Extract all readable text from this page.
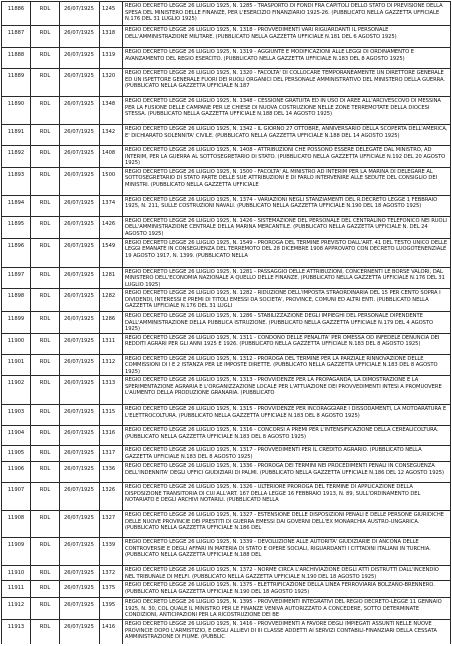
11886	RDL	26/07/1925	1245	REGIO DECRETO LEGGE 26 LUGLIO 1925, N. 1285 - TRASPORTO DI FONDI FRA CAPITOLI DELLO STATO DI PREVISIONE DELLA SPESA DEL MINISTERO DELLE FINANZE, PER L'ESERCIZIO FINANZIARIO 1925-26. (PUBBLICATO NELLA GAZZETTA UFFICIALE N.176 DEL 31 LUGLIO 1925)
11887	RDL	26/07/1925	1318	REGIO DECRETO LEGGE 26 LUGLIO 1925, N. 1318 - PROVVEDIMENTI VARI RIGUARDANTI IL PERSONALE DELL'AMMINISTRAZIONE MILITARE. (PUBBLICATO NELLA GAZZETTA UFFICIALE N.181 DEL 6 AGOSTO 1925)
11888	RDL	26/07/1925	1319	REGIO DECRETO LEGGE 26 LUGLIO 1925, N. 1319 - AGGIUNTE E MODIFICAZIONI ALLE LEGGI DI ORDINAMENTO E AVANZAMENTO DEL REGIO ESERCITO. (PUBBLICATO NELLA GAZZETTA UFFICIALE N.183 DEL 8 AGOSTO 1925)
11889	RDL	26/07/1925	1320	REGIO DECRETO LEGGE 26 LUGLIO 1925, N. 1320 - FACOLTA' DI COLLOCARE TEMPORANEAMENTE UN DIRETTORE GENERALE ED UN ISPETTORE GENERALE FUORI DEI RUOLI ORGANICI DEL PERSONALE AMMINISTRATIVO DEL MINISTERO DELLA GUERRA. (PUBBLICATO NELLA GAZZETTA UFFICIALE N.187
11890	RDL	26/07/1925	1348	REGIO DECRETO LEGGE 26 LUGLIO 1925, N. 1348 - CESSIONE GRATUITA ED IN USO DI AREE ALL'ARCIVESCOVO DI MESSINA PER LA FUSIONE DELLE CAMPANE PER LE CHIESE DI NUOVA COSTRUZIONE NELLE ZONE TERREMOTATE DELLA DIOCESI STESSA. (PUBBLICATO NELLA GAZZETTA UFFICIALE N.188 DEL 14 AGOSTO 1925)
11891	RDL	26/07/1925	1342	REGIO DECRETO LEGGE 26 LUGLIO 1925, N. 1342 - IL GIORNO 27 OTTOBRE, ANNIVERSARIO DELLA SCOPERTA DELL'AMERICA, E' DICHIARATO SOLENNITA' CIVILE. (PUBBLICATO NELLA GAZZETTA UFFICIALE N.188 DEL 14 AGOSTO 1925)
11892	RDL	26/07/1925	1408	REGIO DECRETO LEGGE 26 LUGLIO 1925, N. 1408 - ATTRIBUZIONI CHE POSSONO ESSERE DELEGATE DAL MINISTRO, AD INTERIM, PER LA GUERRA AL SOTTOSEGRETARIO DI STATO. (PUBBLICATO NELLA GAZZETTA UFFICIALE N.192 DEL 20 AGOSTO 1925)
11893	RDL	26/07/1925	1500	REGIO DECRETO LEGGE 26 LUGLIO 1925, N. 1500 - FACOLTA' AL MINISTRO AD INTERIM PER LA MARINA DI DELEGARE AL SOTTOSEGRETARIO DI STATO PARTE DELLE SUE ATTRIBUZIONI E DI FARLO INTERVENIRE ALLE SEDUTE DEL CONSIGLIO DEI MINISTRI. (PUBBLICATO NELLA GAZZETTA UFFICIALE
11894	RDL	26/07/1925	1374	REGIO DECRETO LEGGE 26 LUGLIO 1925, N. 1374 - VARIAZIONI NEGLI STANZIAMENTI DEL R.DECRETO LEGGE 1 FEBBRAIO 1925, N. 211, SULLE COSTRUZIONI NAVALI. (PUBBLICATO NELLA GAZZETTA UFFICIALE N.190 DEL 18 AGOSTO 1925)
11895	RDL	26/07/1925	1426	REGIO DECRETO LEGGE 26 LUGLIO 1925, N. 1426 - SISTEMAZIONE DEL PERSONALE DEL CENTRALINO TELEFONICO NEI RUOLI DELL'AMMINISTRAZIONE CENTRALE DELLA MARINA MERCANTILE. (PUBBLICATO NELLA GAZZETTA UFFICIALE N. DEL 24 AGOSTO 1925)
11896	RDL	26/07/1925	1549	REGIO DECRETO LEGGE 26 LUGLIO 1925, N. 1549 - PROROGA DEL TERMINE PREVISTO DALL'ART. 41 DEL TESTO UNICO DELLE LEGGI EMANATE IN CONSEGUENZA DEL TERREMOTO DEL 28 DICEMBRE 1908 APPROVATO CON DECRETO LUOGOTENENZIALE 19 AGOSTO 1917, N. 1399. (PUBBLICATO NELLA
11897	RDL	26/07/1925	1281	REGIO DECRETO LEGGE 26 LUGLIO 1925, N. 1281 - PASSAGGIO DELLE ATTRIBUZIONI, CONCERNENTI LE BORSE VALORI, DAL MINISTERO DELL'ECONOMIA NAZIONALE A QUELLO DELLE FINANZE. (PUBBLICATO NELLA GAZZETTA UFFICIALE N.176 DEL 31 LUGLIO 1925)
11898	RDL	26/07/1925	1282	REGIO DECRETO LEGGE 26 LUGLIO 1925, N. 1282 - RIDUZIONE DELL'IMPOSTA STRAORDINARIA DEL 15 PER CENTO SOPRA I DIVIDENDI, INTERESSI E PREMI DI TITOLI EMESSI DA SOCIETA', PROVINCE, COMUNI ED ALTRI ENTI. (PUBBLICATO NELLA GAZZETTA UFFICIALE N.176 DEL 31 LUGLI
11899	RDL	26/07/1925	1286	REGIO DECRETO LEGGE 26 LUGLIO 1925, N. 1286 - STABILIZZAZIONE DEGLI IMPIEGHI DEL PERSONALE DIPENDENTE DALL'AMMINISTRAZIONE DELLA PUBBLICA ISTRUZIONE. (PUBBLICATO NELLA GAZZETTA UFFICIALE N.179 DEL 4 AGOSTO 1925)
11900	RDL	26/07/1925	1311	REGIO DECRETO LEGGE 26 LUGLIO 1925, N. 1311 - CONDONO DELLE PENALITA' PER OMESSA OD INFEDELE DENUNCIA DEI REDDITI AGRARI PER GLI ANNI 1925 E 1926. (PUBBLICATO NELLA GAZZETTA UFFICIALE N.183 DEL 8 AGOSTO 1925)
11901	RDL	26/07/1925	1312	REGIO DECRETO LEGGE 26 LUGLIO 1925, N. 1312 - PROROGA DEL TERMINE PER LA PARZIALE RINNOVAZIONE DELLE COMMISSIONI DI I E 2 ISTANZA PER LE IMPOSTE DIRETTE. (PUBBLICATO NELLA GAZZETTA UFFICIALE N.183 DEL 8 AGOSTO 1925)
11902	RDL	26/07/1925	1313	REGIO DECRETO LEGGE 26 LUGLIO 1925, N. 1313 - PROVVIDENZE PER LA PROPAGANDA, LA DIMOSTRAZIONE E LA SPERIMENTAZIONE AGRARIA E L'ORGANIZZAZIONE LOCALE PER L'ATTUAZIONE DEI PROVVEDIMENTI INTESI A PROMUOVERE L'AUMENTO DELLA PRODUZIONE GRANARIA. (PUBBLICATO
11903	RDL	26/07/1925	1315	REGIO DECRETO LEGGE 26 LUGLIO 1925, N. 1315 - PROVVIDENZE PER INCORAGGIARE I DISSODAMENTI, LA MOTOARATURA E L'ELETTROCOLTURA. (PUBBLICATO NELLA GAZZETTA UFFICIALE N.183 DEL 8 AGOSTO 1925)
11904	RDL	26/07/1925	1316	REGIO DECRETO LEGGE 26 LUGLIO 1925, N. 1316 - CONCORSI A PREMI PER L'INTENSIFICAZIONE DELLA CEREALICOLTURA. (PUBBLICATO NELLA GAZZETTA UFFICIALE N.183 DEL 8 AGOSTO 1925)
11905	RDL	26/07/1925	1317	REGIO DECRETO LEGGE 26 LUGLIO 1925, N. 1317 - PROVVEDIMENTI PER IL CREDITO AGRARIO. (PUBBLICATO NELLA GAZZETTA UFFICIALE N.183 DEL 8 AGOSTO 1925)
11906	RDL	26/07/1925	1336	REGIO DECRETO LEGGE 26 LUGLIO 1925, N. 1336 - PROROGA DEI TERMINI NEI PROCEDIMENTI PENALI IN CONSEGUENZA DELL'INDENNITA' DEGLI UFFICI GIUDIZIARI DI PALMI. (PUBBLICATO NELLA GAZZETTA UFFICIALE N.186 DEL 12 AGOSTO 1925)
11907	RDL	26/07/1925	1326	REGIO DECRETO LEGGE 26 LUGLIO 1925, N. 1326 - ULTERIORE PROROGA DEL TERMINE DI APPLICAZIONE DELLA DISPOSIZIONE TRANSITORIA DI CUI ALL'ART. 167 DELLA LEGGE 16 FEBBRAIO 1913, N. 89, SULL'ORDINAMENTO DEL NOTARIATO E DEGLI ARCHIVI NOTARILI. (PUBBLICATO NELLA
11908	RDL	26/07/1925	1327	REGIO DECRETO LEGGE 26 LUGLIO 1925, N. 1327 - ESTENSIONE DELLE DISPOSIZIONI PENALI E DELLE PERSONE GIURIDICHE DELLE NUOVE PROVINCIE DEI PRESTITI DI GUERRA EMESSI DAI GOVERNI DELL'EX MONARCHIA AUSTRO-UNGARICA. (PUBBLICATO NELLA GAZZETTA UFFICIALE N.186 DEL
11909	RDL	26/07/1925	1339	REGIO DECRETO LEGGE 26 LUGLIO 1925, N. 1339 - DEVOLUZIONE ALLE AUTORITA' GIUDIZIARIE DI ANCONA DELLE CONTROVERSIE E DEGLI AFFARI IN MATERIA DI STATO E OPERE SOCIALI, RIGUARDANTI I CITTADINI ITALIANI IN TURCHIA. (PUBBLICATO NELLA GAZZETTA UFFICIALE N.188 DEL
11910	RDL	26/07/1925	1372	REGIO DECRETO LEGGE 26 LUGLIO 1925, N. 1372 - NORME CIRCA L'ARCHIVIAZIONE DEGLI ATTI DISTRUTTI DALL'INCENDIO NEL TRIBUNALE DI MELFI. (PUBBLICATO NELLA GAZZETTA UFFICIALE N.190 DEL 18 AGOSTO 1925)
11911	RDL	26/07/1925	1375	REGIO DECRETO LEGGE 26 LUGLIO 1925, N. 1375 - ELETTRIFICAZIONE DELLA LINEA FERROVIARIA BOLZANO-BRENNERO. (PUBBLICATO NELLA GAZZETTA UFFICIALE N.190 DEL 18 AGOSTO 1925)
11912	RDL	26/07/1925	1395	REGIO DECRETO LEGGE 26 LUGLIO 1925, N. 1395 - PROVVEDIMENTI INTEGRATIVI DEL REGIO DECRETO-LEGGE 11 GENNAIO 1925, N. 30, COL QUALE IL MINISTRO PER LE FINANZE VENIVA AUTORIZZATO A CONCEDERE, SOTTO DETERMINATE CONDIZIONI, ANTICIPAZIONI PER LA RICOSTRUZIONE DEI BE
11913	RDL	26/07/1925	1416	REGIO DECRETO LEGGE 26 LUGLIO 1925, N. 1416 - PROVVEDIMENTI A FAVORE DEGLI IMPIEGATI ASSUNTI NELLE NUOVE PROVINCIE DOPO L'ARMISTIZIO, E DEGLI ALLIEVI DI III CLASSE ADDETTI AI SERVIZI CONTABILI-FINANZIARI DELLA CESSATA AMMINISTRAZIONE DI FIUME. (PUBBLIC
